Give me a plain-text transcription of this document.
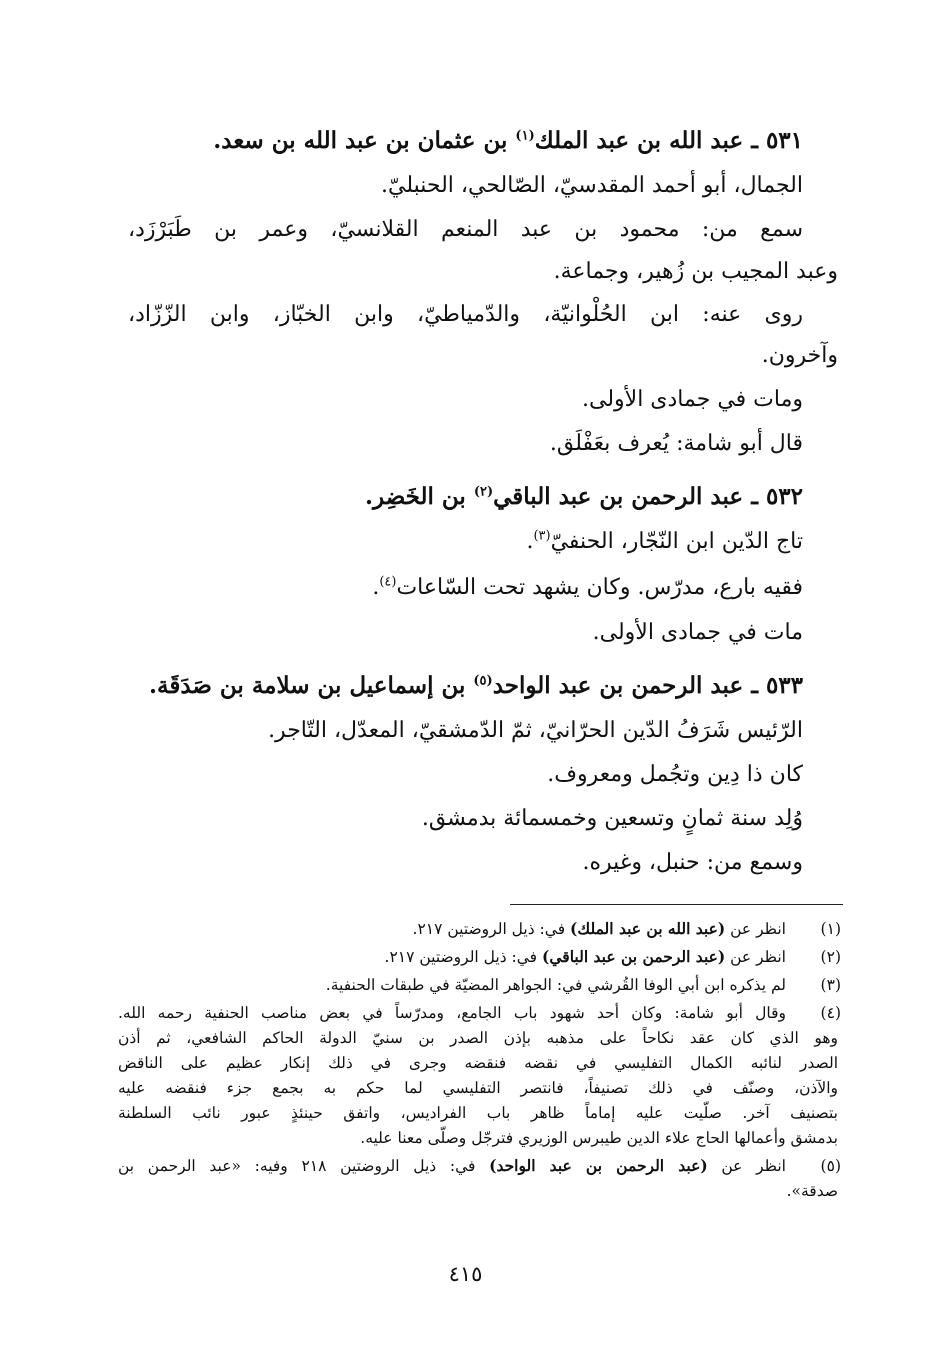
٥٣١ ـ عبد الله بن عبد الملك$^{(١)}$ بن عثمان بن عبد الله بن سعد.
الجمال، أبو أحمد المقدسيّ، الصّالحي، الحنبليّ.
سمع من: محمود بن عبد المنعم القلانسيّ، وعمر بن طَبَرْزَد،
وعبد المجيب بن زُهير، وجماعة.
روى عنه: ابن الحُلْوانيّة، والدّمياطيّ، وابن الخبّاز، وابن الزّزّاد،
وآخرون.
ومات في جمادى الأولى.
قال أبو شامة: يُعرف بعَفْلَق.
٥٣٢ ـ عبد الرحمن بن عبد الباقي$^{(٢)}$ بن الخَضِر.
تاج الدّين ابن النّجّار، الحنفيّ$^{(٣)}$.
فقيه بارع، مدرّس. وكان يشهد تحت السّاعات$^{(٤)}$.
مات في جمادى الأولى.
٥٣٣ ـ عبد الرحمن بن عبد الواحد$^{(٥)}$ بن إسماعيل بن سلامة بن صَدَقَة.
الرّئيس شَرَفُ الدّين الحرّانيّ، ثمّ الدّمشقيّ، المعدّل، التّاجر.
كان ذا دِين وتجُمل ومعروف.
وُلِد سنة ثمانٍ وتسعين وخمسمائة بدمشق.
وسمع من: حنبل، وغيره.
(١)
انظر عن (عبد الله بن عبد الملك) في: ذيل الروضتين ٢١٧.
(٢)
انظر عن (عبد الرحمن بن عبد الباقي) في: ذيل الروضتين ٢١٧.
(٣)
لم يذكره ابن أبي الوفا القُرشي في: الجواهر المضيّة في طبقات الحنفية.
(٤)
وقال أبو شامة: وكان أحد شهود باب الجامع، ومدرّساً في بعض مناصب الحنفية رحمه الله.
وهو الذي كان عقد نكاحاً على مذهبه بإذن الصدر بن سنيّ الدولة الحاكم الشافعي، ثم أذن
الصدر لنائبه الكمال التفليسي في نقضه فنقضه وجرى في ذلك إنكار عظيم على الناقض
والآذن، وصنّف في ذلك تصنيفاً، فانتصر التفليسي لما حكم به بجمع جزء فنقضه عليه
بتصنيف آخر. صلّيت عليه إماماً ظاهر باب الفراديس، واتفق حينئذٍ عبور نائب السلطنة
بدمشق وأعمالها الحاج علاء الدين طيبرس الوزيري فترجّل وصلّى معنا عليه.
(٥)
انظر عن (عبد الرحمن بن عبد الواحد) في: ذيل الروضتين ٢١٨ وفيه: «عبد الرحمن بن
صدقة».
٤١٥
